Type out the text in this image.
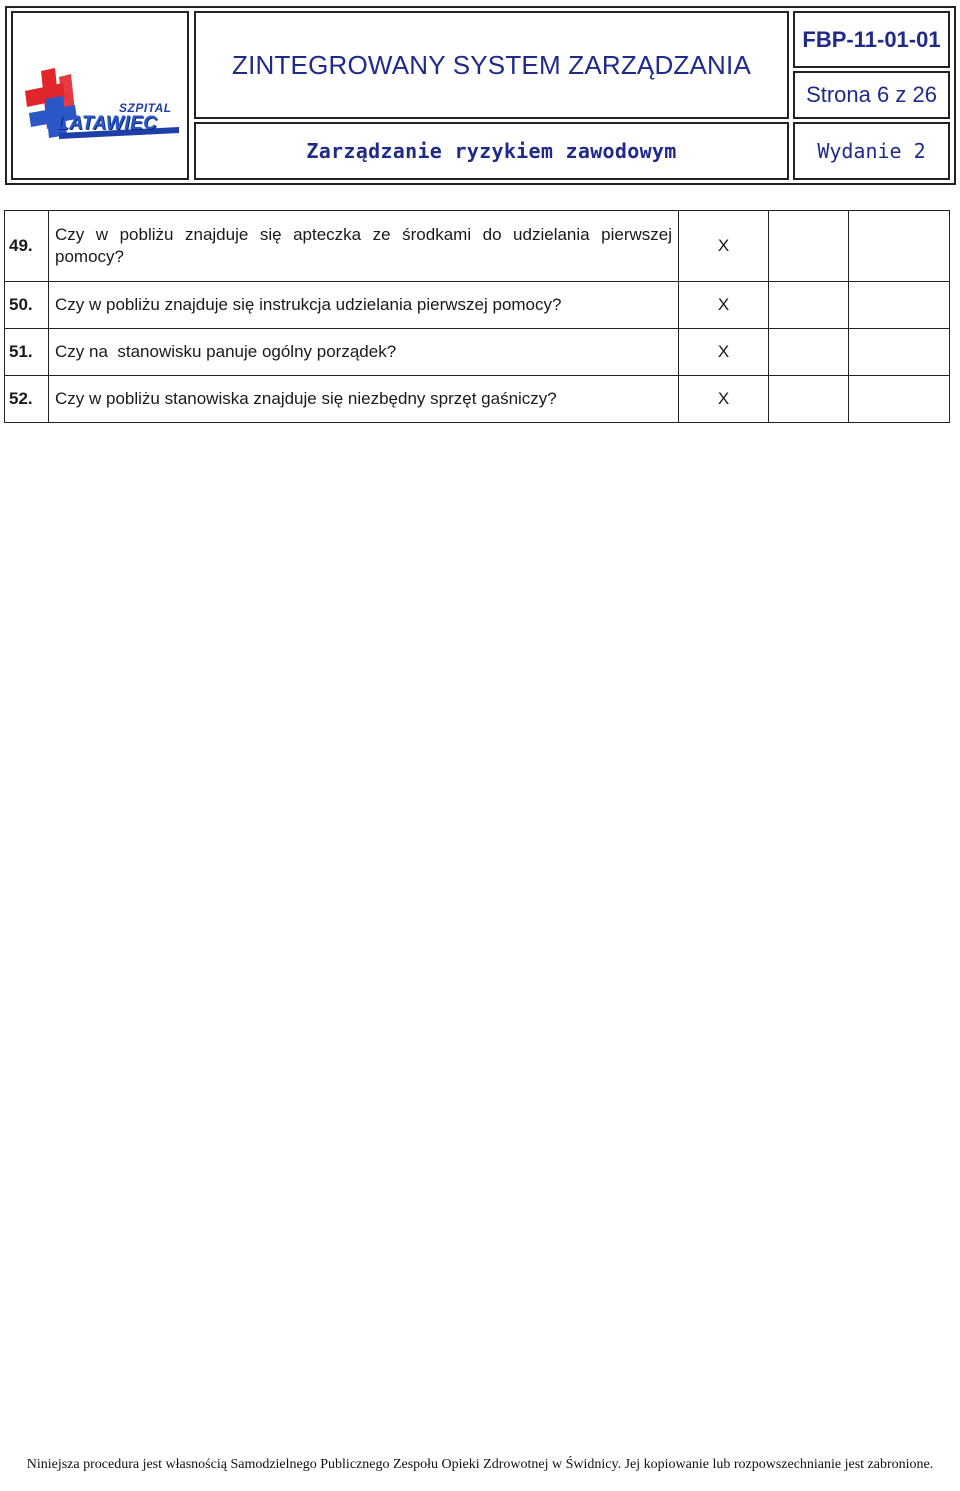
SZPITAL
LATAWIEC
ZINTEGROWANY SYSTEM ZARZĄDZANIA
FBP-11-01-01
Strona 6 z 26
Zarządzanie ryzykiem zawodowym	Wydanie 2
49.	Czy w pobliżu znajduje się apteczka ze środkami do udzielania pierwszej pomocy?	X		
50.	Czy w pobliżu znajduje się instrukcja udzielania pierwszej pomocy?	X		
51.	Czy na  stanowisku panuje ogólny porządek?	X		
52.	Czy w pobliżu stanowiska znajduje się niezbędny sprzęt gaśniczy?	X		
Niniejsza procedura jest własnością Samodzielnego Publicznego Zespołu Opieki Zdrowotnej w Świdnicy. Jej kopiowanie lub rozpowszechnianie jest zabronione.
